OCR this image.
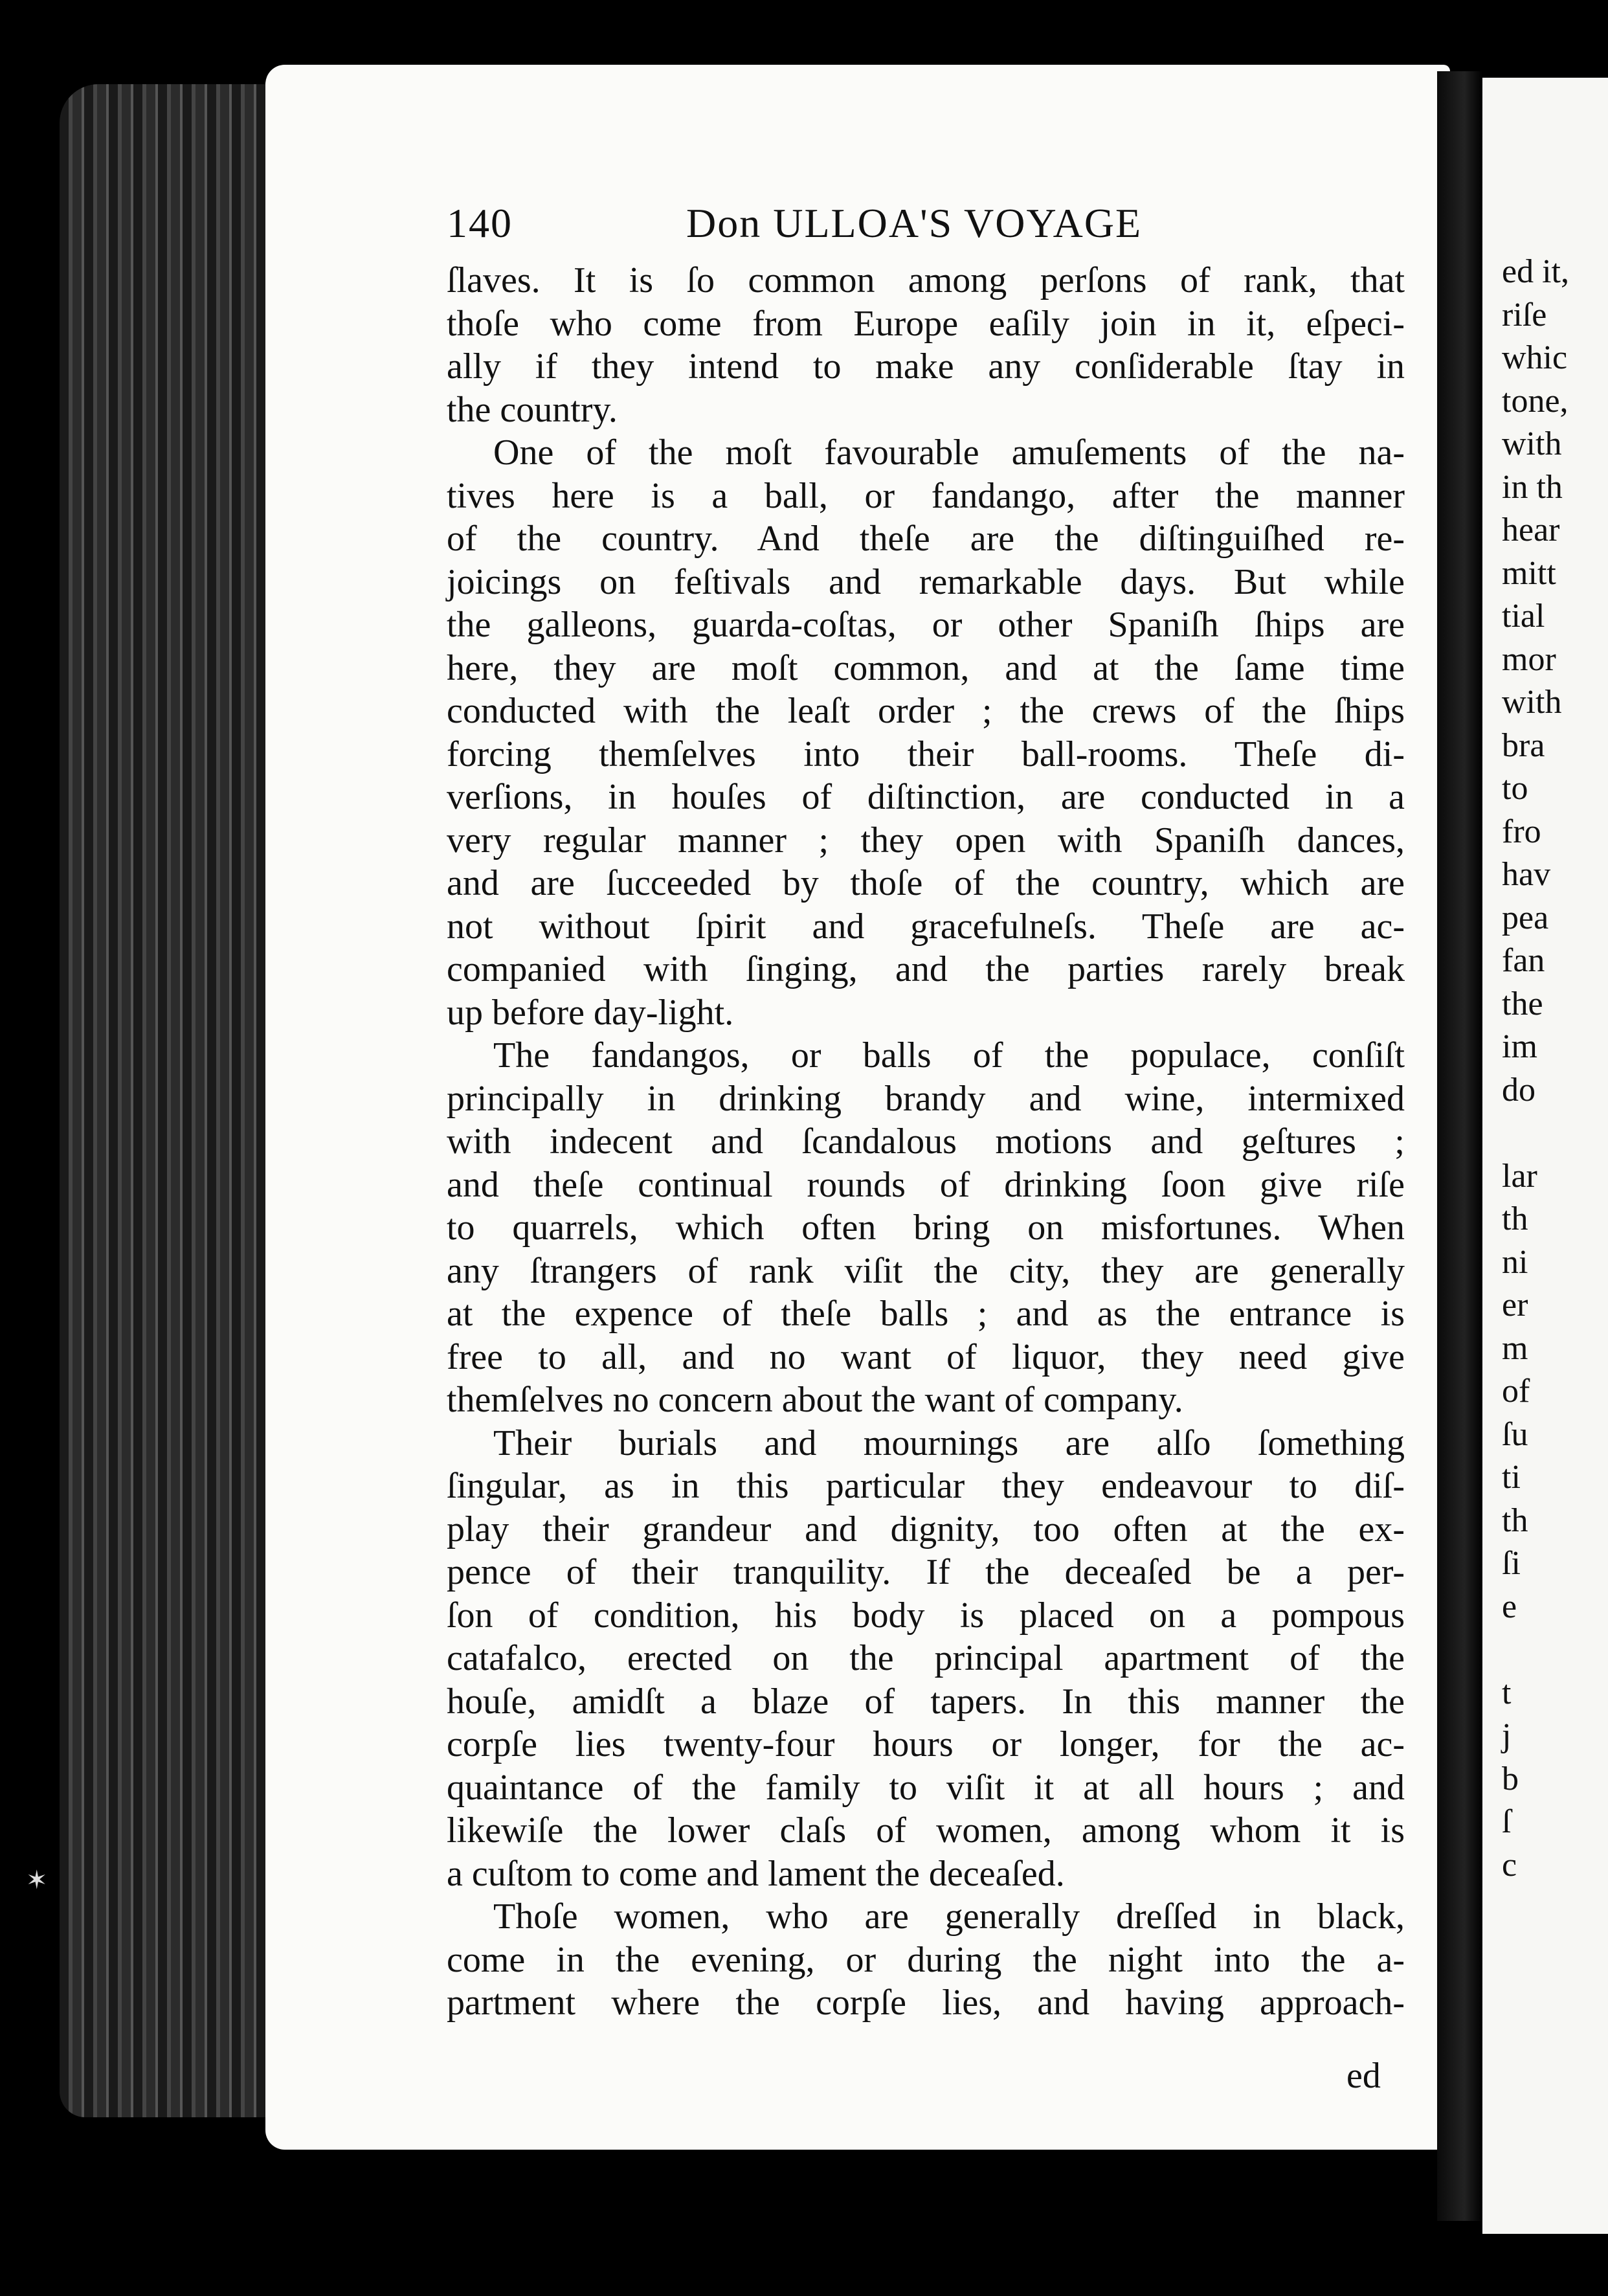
ed it,
riſe
whic
tone,
with
in th
hear
mitt
tial
mor
with
bra
to
fro
hav
pea
fan
the
im
do
lar
th
ni
er
m
of
ſu
ti
th
ſi
e
t
j
b
ſ
c
✶
140	Don ULLOA'S VOYAGE
ſlaves. It is ſo common among perſons of rank, that
thoſe who come from Europe eaſily join in it, eſpeci-
ally if they intend to make any conſiderable ſtay in
the country.
One of the moſt favourable amuſements of the na-
tives here is a ball, or fandango, after the manner
of the country. And theſe are the diſtinguiſhed re-
joicings on feſtivals and remarkable days. But while
the galleons, guarda-coſtas, or other Spaniſh ſhips are
here, they are moſt common, and at the ſame time
conducted with the leaſt order ; the crews of the ſhips
forcing themſelves into their ball-rooms. Theſe di-
verſions, in houſes of diſtinction, are conducted in a
very regular manner ; they open with Spaniſh dances,
and are ſucceeded by thoſe of the country, which are
not without ſpirit and gracefulneſs. Theſe are ac-
companied with ſinging, and the parties rarely break
up before day-light.
The fandangos, or balls of the populace, conſiſt
principally in drinking brandy and wine, intermixed
with indecent and ſcandalous motions and geſtures ;
and theſe continual rounds of drinking ſoon give riſe
to quarrels, which often bring on misfortunes. When
any ſtrangers of rank viſit the city, they are generally
at the expence of theſe balls ; and as the entrance is
free to all, and no want of liquor, they need give
themſelves no concern about the want of company.
Their burials and mournings are alſo ſomething
ſingular, as in this particular they endeavour to diſ-
play their grandeur and dignity, too often at the ex-
pence of their tranquility. If the deceaſed be a per-
ſon of condition, his body is placed on a pompous
catafalco, erected on the principal apartment of the
houſe, amidſt a blaze of tapers. In this manner the
corpſe lies twenty-four hours or longer, for the ac-
quaintance of the family to viſit it at all hours ; and
likewiſe the lower claſs of women, among whom it is
a cuſtom to come and lament the deceaſed.
Thoſe women, who are generally dreſſed in black,
come in the evening, or during the night into the a-
partment where the corpſe lies, and having approach-
ed
